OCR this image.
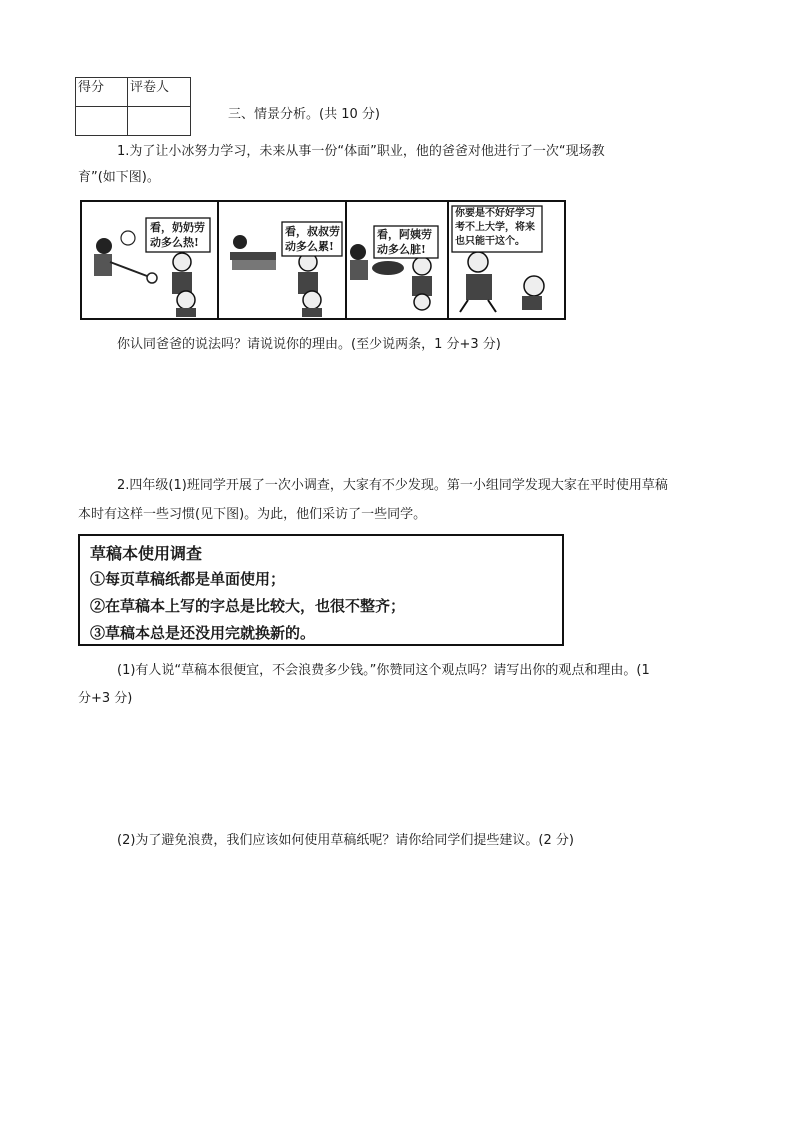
得分	评卷人

三、情景分析。(共 10 分)
1.为了让小冰努力学习，未来从事一份“体面”职业，他的爸爸对他进行了一次“现场教
育”(如下图)。
看，奶奶劳
动多么热!
看，叔叔劳
动多么累!
看，阿姨劳
动多么脏!
你要是不好好学习
考不上大学，将来
也只能干这个。
你认同爸爸的说法吗？请说说你的理由。(至少说两条，1 分+3 分)
2.四年级(1)班同学开展了一次小调查，大家有不少发现。第一小组同学发现大家在平时使用草稿
本时有这样一些习惯(见下图)。为此，他们采访了一些同学。
草稿本使用调查
①每页草稿纸都是单面使用；
②在草稿本上写的字总是比较大，也很不整齐；
③草稿本总是还没用完就换新的。
(1)有人说“草稿本很便宜，不会浪费多少钱。”你赞同这个观点吗？请写出你的观点和理由。(1
分+3 分)
(2)为了避免浪费，我们应该如何使用草稿纸呢？请你给同学们提些建议。(2 分)
